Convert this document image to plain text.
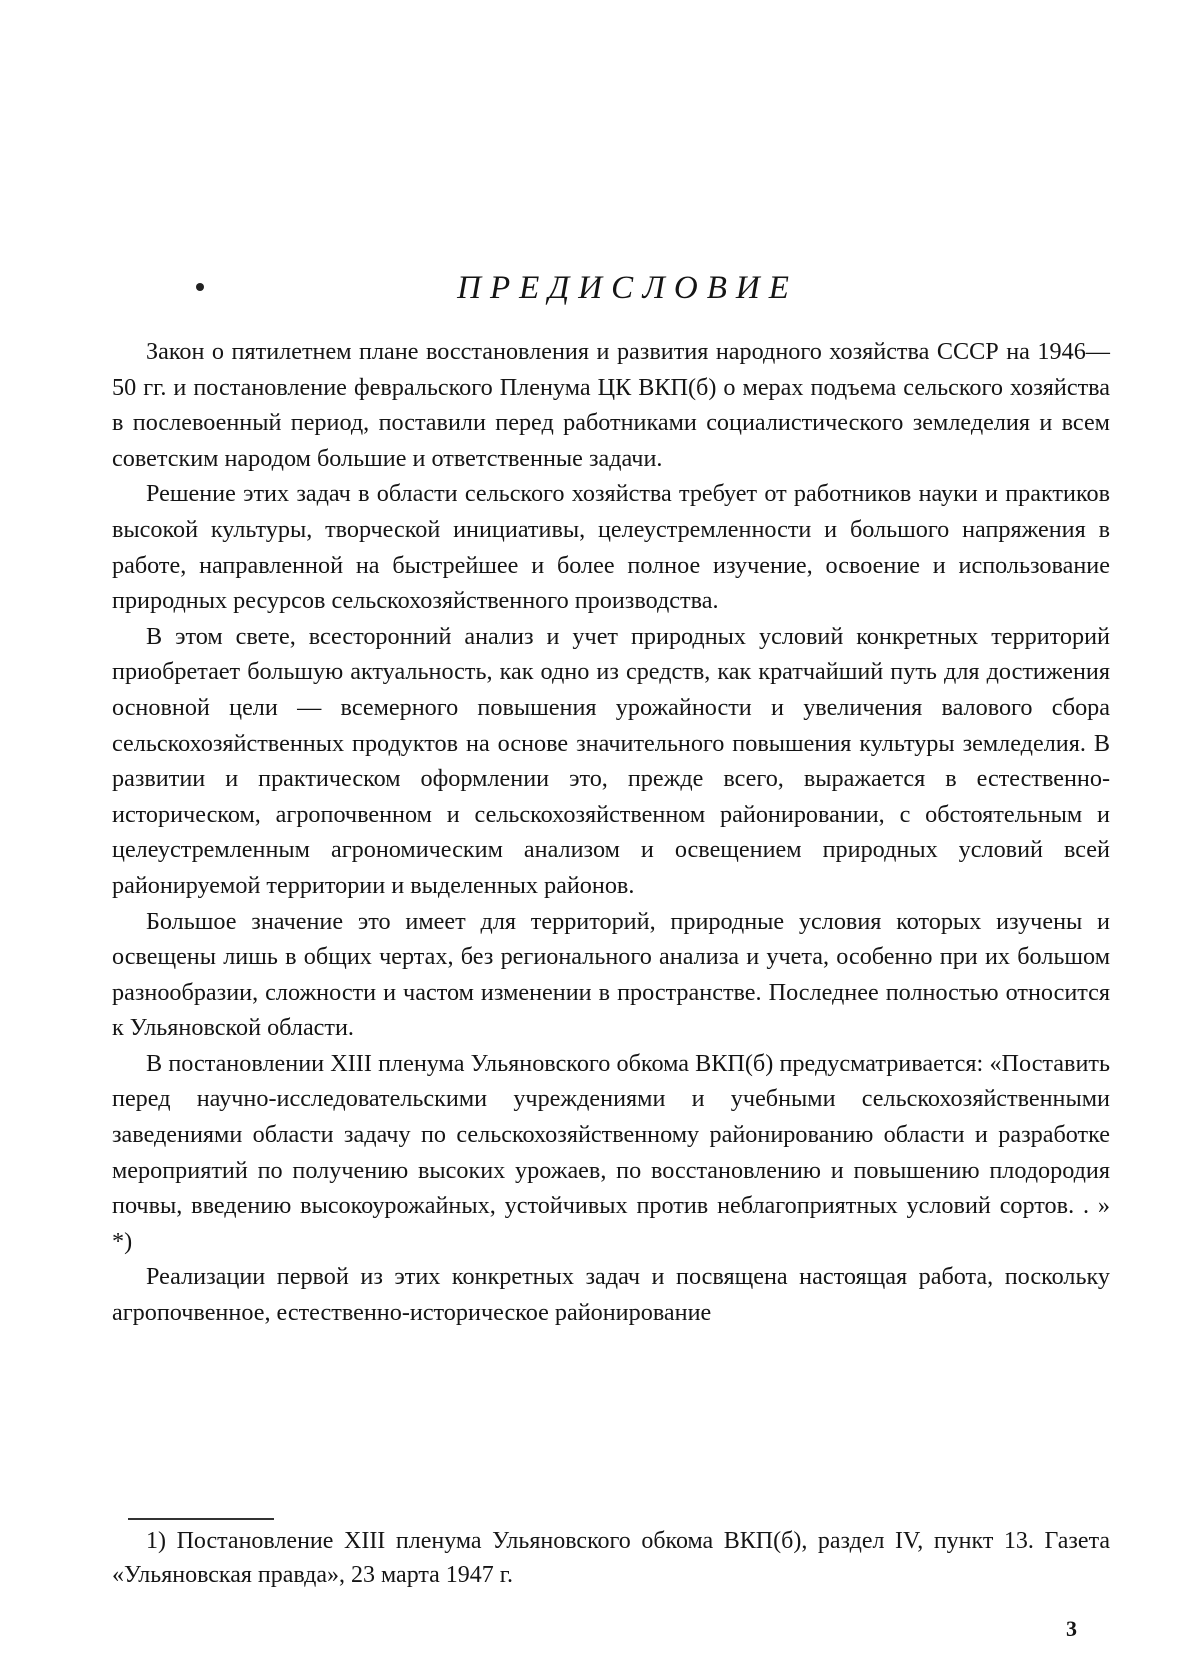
ПРЕДИСЛОВИЕ

Закон о пятилетнем плане восстановления и развития народного хозяйства СССР на 1946—50 гг. и постановление февральского Пленума ЦК ВКП(б) о мерах подъема сельского хозяйства в послевоенный период, поставили перед работниками социалистического земледелия и всем советским народом большие и ответственные задачи.

Решение этих задач в области сельского хозяйства требует от работников науки и практиков высокой культуры, творческой инициативы, целеустремленности и большого напряжения в работе, направленной на быстрейшее и более полное изучение, освоение и использование природных ресурсов сельскохозяйственного производства.

В этом свете, всесторонний анализ и учет природных условий конкретных территорий приобретает большую актуальность, как одно из средств, как кратчайший путь для достижения основной цели — всемерного повышения урожайности и увеличения валового сбора сельскохозяйственных продуктов на основе значительного повышения культуры земледелия. В развитии и практическом оформлении это, прежде всего, выражается в естественно-историческом, агропочвенном и сельскохозяйственном районировании, с обстоятельным и целеустремленным агрономическим анализом и освещением природных условий всей районируемой территории и выделенных районов.

Большое значение это имеет для территорий, природные условия которых изучены и освещены лишь в общих чертах, без регионального анализа и учета, особенно при их большом разнообразии, сложности и частом изменении в пространстве. Последнее полностью относится к Ульяновской области.

В постановлении XIII пленума Ульяновского обкома ВКП(б) предусматривается: «Поставить перед научно-исследовательскими учреждениями и учебными сельскохозяйственными заведениями области задачу по сельскохозяйственному районированию области и разработке мероприятий по получению высоких урожаев, по восстановлению и повышению плодородия почвы, введению высокоурожайных, устойчивых против неблагоприятных условий сортов. . » *)

Реализации первой из этих конкретных задач и посвящена настоящая работа, поскольку агропочвенное, естественно-историческое районирование

1) Постановление XIII пленума Ульяновского обкома ВКП(б), раздел IV, пункт 13. Газета «Ульяновская правда», 23 марта 1947 г.
3
